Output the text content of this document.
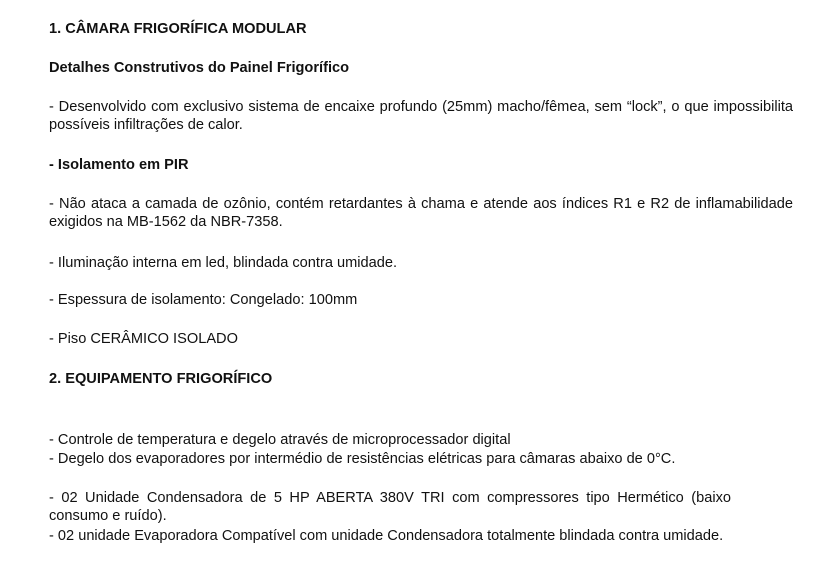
1. CÂMARA FRIGORÍFICA MODULAR

Detalhes Construtivos do Painel Frigorífico

- Desenvolvido com exclusivo sistema de encaixe profundo (25mm) macho/fêmea, sem “lock”, o que impossibilita possíveis infiltrações de calor.

- Isolamento em PIR

- Não ataca a camada de ozônio, contém retardantes à chama e atende aos índices R1 e R2 de inflamabilidade exigidos na MB-1562 da NBR-7358.

- Iluminação interna em led, blindada contra umidade.

- Espessura de isolamento: Congelado: 100mm

- Piso CERÂMICO ISOLADO

2. EQUIPAMENTO FRIGORÍFICO

- Controle de temperatura e degelo através de microprocessador digital

- Degelo dos evaporadores por intermédio de resistências elétricas para câmaras abaixo de 0°C.

- 02 Unidade Condensadora de 5 HP ABERTA 380V TRI com compressores tipo Hermético (baixo consumo e ruído).

- 02 unidade Evaporadora Compatível com unidade Condensadora totalmente blindada contra umidade.
